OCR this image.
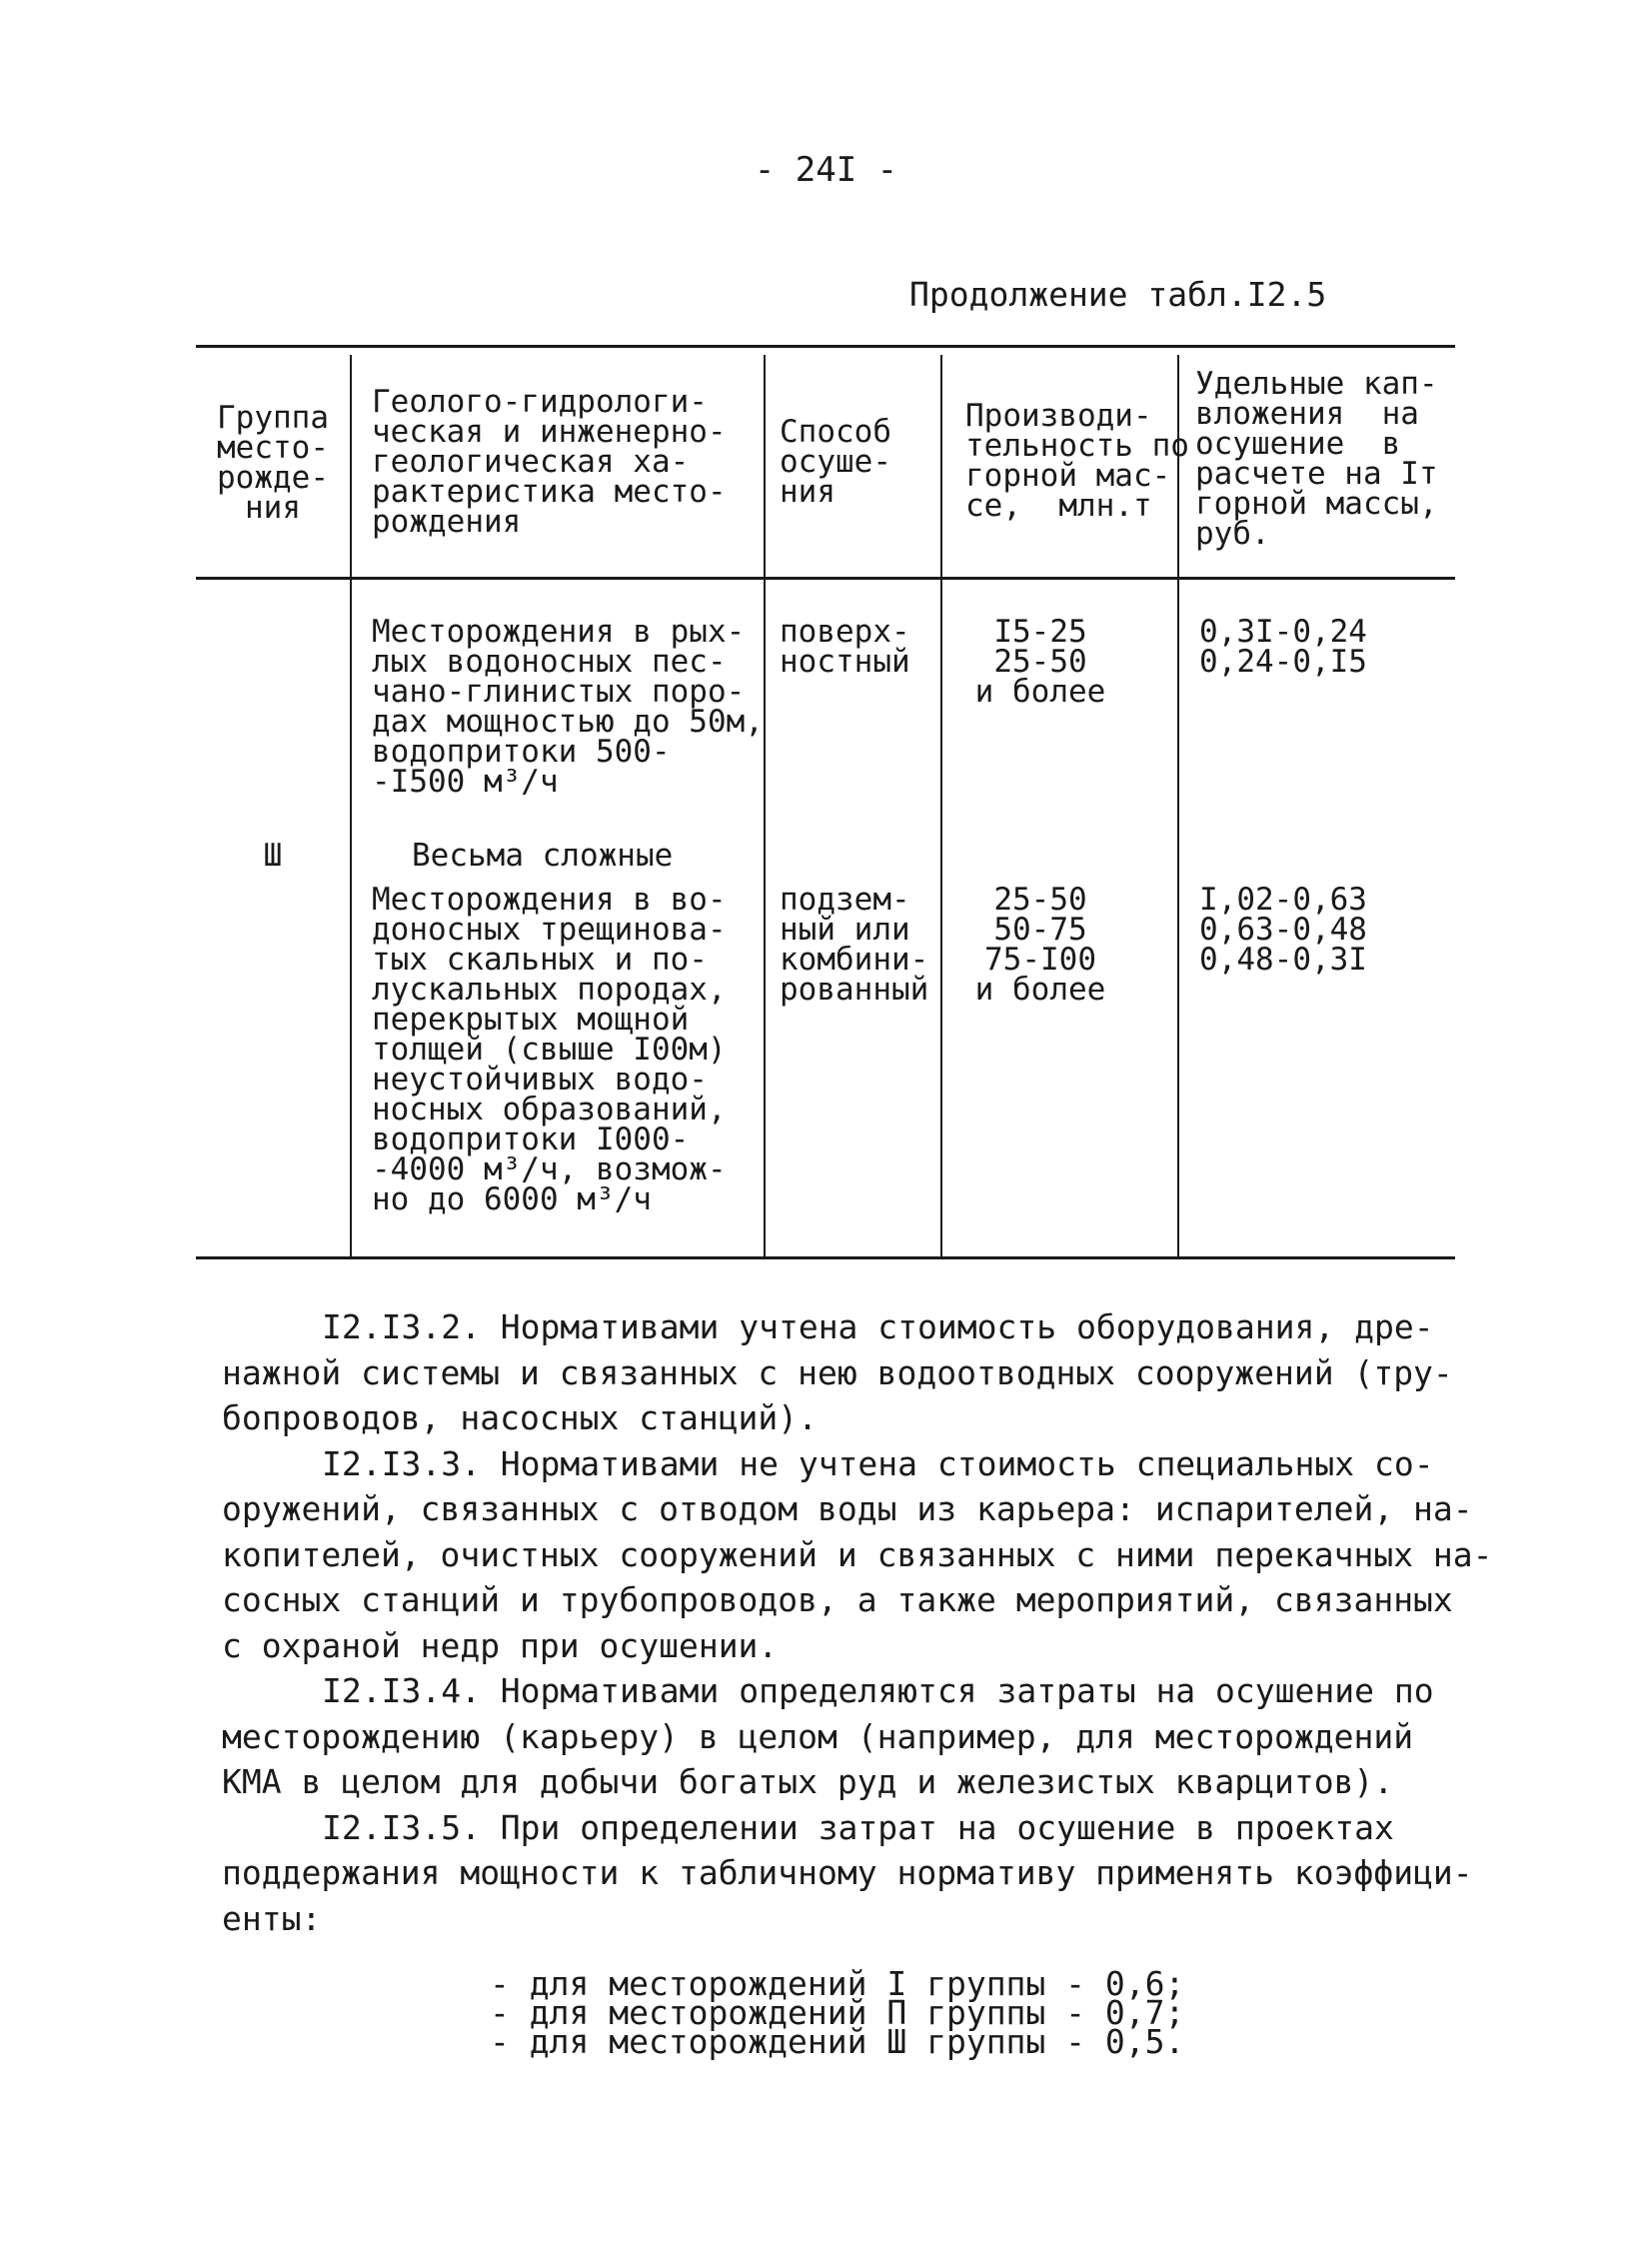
- 24I -
Продолжение табл.I2.5
Группа
место-
рожде-
ния
Геолого-гидрологи-
ческая и инженерно-
геологическая ха-
рактеристика место-
рождения
Способ
осуше-
ния
Производи-
тельность по
горной мас-
се,  млн.т
Удельные кап-
вложения  на
осушение  в
расчете на Iт
горной массы,
руб.
Ш
Месторождения в рых-
лых водоносных пес-
чано-глинистых поро-
дах мощностью до 50м,
водопритоки 500-
-I500 м³/ч
поверх-
ностный
I5-25
25-50
и более
0,3I-0,24
0,24-0,I5
Весьма сложные
Месторождения в во-
доносных трещинова-
тых скальных и по-
лускальных породах,
перекрытых мощной
толщей (свыше I00м)
неустойчивых водо-
носных образований,
водопритоки I000-
-4000 м³/ч, возмож-
но до 6000 м³/ч
подзем-
ный или
комбини-
рованный
25-50
50-75
75-I00
и более
I,02-0,63
0,63-0,48
0,48-0,3I

I2.I3.2. Нормативами учтена стоимость оборудования, дре-

нажной системы и связанных с нею водоотводных сооружений (тру-

бопроводов, насосных станций).

I2.I3.3. Нормативами не учтена стоимость специальных со-

оружений, связанных с отводом воды из карьера: испарителей, на-

копителей, очистных сооружений и связанных с ними перекачных на-

сосных станций и трубопроводов, а также мероприятий, связанных

с охраной недр при осушении.

I2.I3.4. Нормативами определяются затраты на осушение по

месторождению (карьеру) в целом (например, для месторождений

КМА в целом для добычи богатых руд и железистых кварцитов).

I2.I3.5. При определении затрат на осушение в проектах

поддержания мощности к табличному нормативу применять коэффици-

енты:

- для месторождений I группы - 0,6;
- для месторождений П группы - 0,7;
- для месторождений Ш группы - 0,5.
